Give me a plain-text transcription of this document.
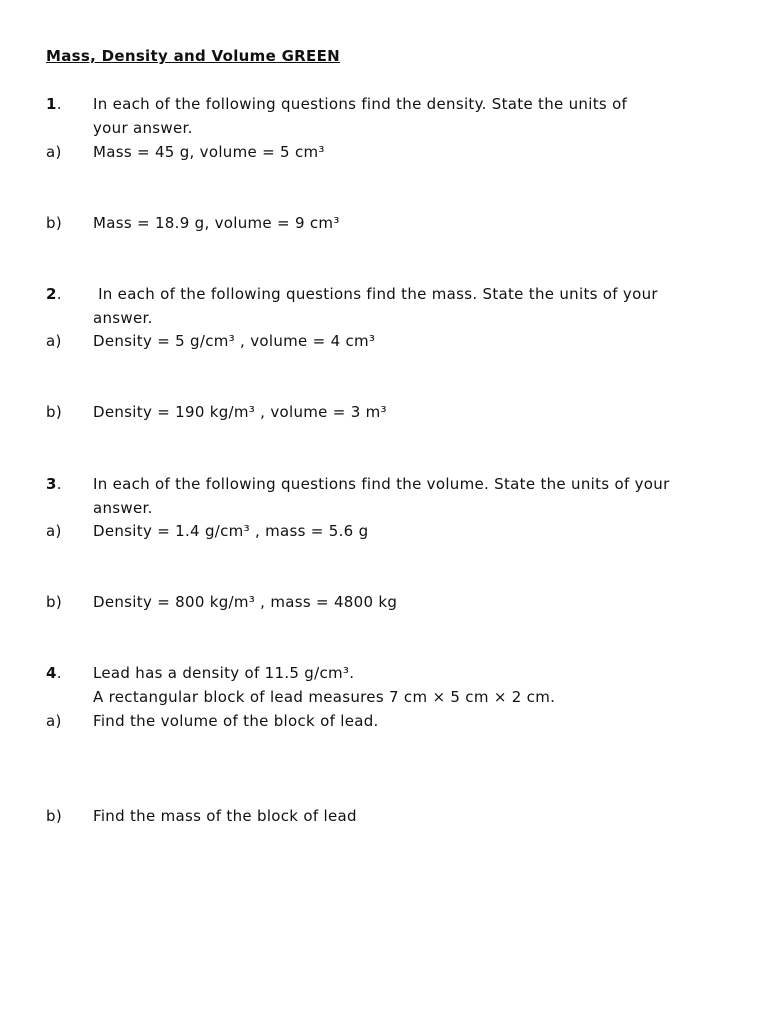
Mass, Density and Volume GREEN
1.	In each of the following questions find the density. State the units of
your answer.
a)	Mass = 45 g, volume = 5 cm³
b)	Mass = 18.9 g, volume = 9 cm³
2.	In each of the following questions find the mass. State the units of your
answer.
a)	Density = 5 g/cm³ , volume = 4 cm³
b)	Density = 190 kg/m³ , volume = 3 m³
3.	In each of the following questions find the volume. State the units of your
answer.
a)	Density = 1.4 g/cm³ , mass = 5.6 g
b)	Density = 800 kg/m³ , mass = 4800 kg
4.	Lead has a density of 11.5 g/cm³.
A rectangular block of lead measures 7 cm × 5 cm × 2 cm.
a)	Find the volume of the block of lead.
b)	Find the mass of the block of lead
